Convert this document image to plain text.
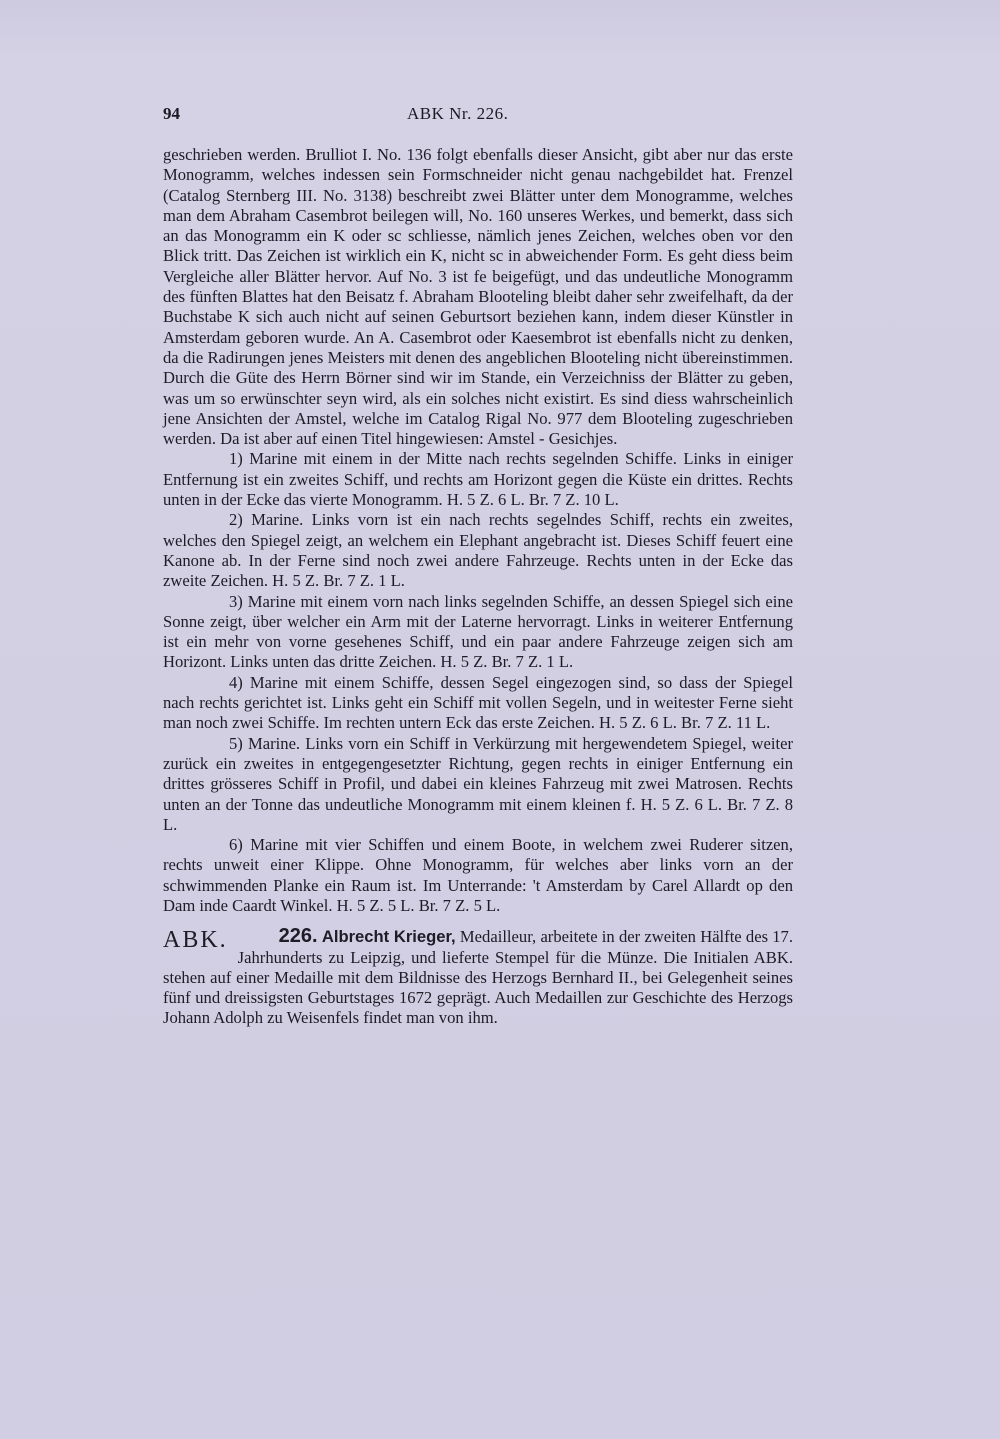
94	ABK Nr. 226.

geschrieben werden. Brulliot I. No. 136 folgt ebenfalls dieser Ansicht, gibt aber nur das erste Monogramm, welches indessen sein Formschneider nicht genau nachgebildet hat. Frenzel (Catalog Sternberg III. No. 3138) beschreibt zwei Blätter unter dem Monogramme, welches man dem Abraham Casembrot beilegen will, No. 160 unseres Werkes, und bemerkt, dass sich an das Monogramm ein K oder sc schliesse, nämlich jenes Zeichen, welches oben vor den Blick tritt. Das Zeichen ist wirklich ein K, nicht sc in abweichender Form. Es geht diess beim Vergleiche aller Blätter hervor. Auf No. 3 ist fe beigefügt, und das undeutliche Monogramm des fünften Blattes hat den Beisatz f. Abraham Blooteling bleibt daher sehr zweifelhaft, da der Buchstabe K sich auch nicht auf seinen Geburtsort beziehen kann, indem dieser Künstler in Amsterdam geboren wurde. An A. Casembrot oder Kaesembrot ist ebenfalls nicht zu denken, da die Radirungen jenes Meisters mit denen des angeblichen Blooteling nicht übereinstimmen. Durch die Güte des Herrn Börner sind wir im Stande, ein Verzeichniss der Blätter zu geben, was um so erwünschter seyn wird, als ein solches nicht existirt. Es sind diess wahrscheinlich jene Ansichten der Amstel, welche im Catalog Rigal No. 977 dem Blooteling zugeschrieben werden. Da ist aber auf einen Titel hingewiesen: Amstel - Gesichjes.

1) Marine mit einem in der Mitte nach rechts segelnden Schiffe. Links in einiger Entfernung ist ein zweites Schiff, und rechts am Horizont gegen die Küste ein drittes. Rechts unten in der Ecke das vierte Monogramm. H. 5 Z. 6 L. Br. 7 Z. 10 L.

2) Marine. Links vorn ist ein nach rechts segelndes Schiff, rechts ein zweites, welches den Spiegel zeigt, an welchem ein Elephant angebracht ist. Dieses Schiff feuert eine Kanone ab. In der Ferne sind noch zwei andere Fahrzeuge. Rechts unten in der Ecke das zweite Zeichen. H. 5 Z. Br. 7 Z. 1 L.

3) Marine mit einem vorn nach links segelnden Schiffe, an dessen Spiegel sich eine Sonne zeigt, über welcher ein Arm mit der Laterne hervorragt. Links in weiterer Entfernung ist ein mehr von vorne gesehenes Schiff, und ein paar andere Fahrzeuge zeigen sich am Horizont. Links unten das dritte Zeichen. H. 5 Z. Br. 7 Z. 1 L.

4) Marine mit einem Schiffe, dessen Segel eingezogen sind, so dass der Spiegel nach rechts gerichtet ist. Links geht ein Schiff mit vollen Segeln, und in weitester Ferne sieht man noch zwei Schiffe. Im rechten untern Eck das erste Zeichen. H. 5 Z. 6 L. Br. 7 Z. 11 L.

5) Marine. Links vorn ein Schiff in Verkürzung mit hergewendetem Spiegel, weiter zurück ein zweites in entgegengesetzter Richtung, gegen rechts in einiger Entfernung ein drittes grösseres Schiff in Profil, und dabei ein kleines Fahrzeug mit zwei Matrosen. Rechts unten an der Tonne das undeutliche Monogramm mit einem kleinen f. H. 5 Z. 6 L. Br. 7 Z. 8 L.

6) Marine mit vier Schiffen und einem Boote, in welchem zwei Ruderer sitzen, rechts unweit einer Klippe. Ohne Monogramm, für welches aber links vorn an der schwimmenden Planke ein Raum ist. Im Unterrande: 't Amsterdam by Carel Allardt op den Dam inde Caardt Winkel. H. 5 Z. 5 L. Br. 7 Z. 5 L.

226. Albrecht Krieger,
ABK.	Medailleur, arbeitete in der zweiten Hälfte des 17. Jahrhunderts zu Leipzig, und lieferte Stempel für die Münze. Die Initialen ABK. stehen auf einer Medaille mit dem Bildnisse des Herzogs Bernhard II., bei Gelegenheit seines fünf und dreissigsten Geburtstages 1672 geprägt. Auch Medaillen zur Geschichte des Herzogs Johann Adolph zu Weisenfels findet man von ihm.
